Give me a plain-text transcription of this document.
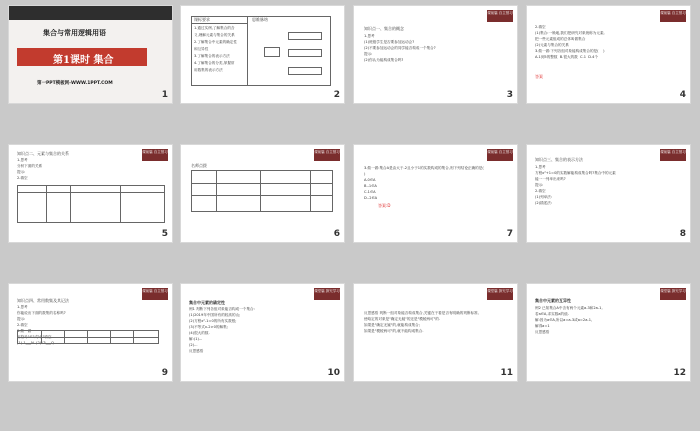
集合与常用逻辑用语
第1课时 集合
第一PPT模板网-WWW.1PPT.COM
1
课标要求	思维脉络
1.通过实例,了解集合的含
义,理解元素与集合的关系
2.了解集合中元素的确定性
和互异性
3.了解集合的表示方法
4.了解集合的分类,掌握常
用数集的表示方法
2
课前篇 自主预习
知识点一、集合的概念
1.思考
(1)班级学生是否要参加运动会?
(2)不要参加运动会的同学能否构成一个集合?
提示:
(2)你认为能构成集合吗?
3
课前篇 自主预习
2.填空
(1)集合:一般地,我们把研究对象统称为元素,
把一些元素组成的总体叫做集合
(2)元素与集合的关系
3.做一做:下列各组对象能构成集合的是(    )
A.1到5的整数  B.很大的数  C.1  D.4个
答案
4
课前篇 自主预习
知识点二、元素与集合的关系
1.思考
分析下面的关系
提示:
2.填空
5
课前篇 自主预习
名师点拨
6
课前篇 自主预习
3.做一做:集合A是由大于-2且小于1的实数构成的集合,则下列结论正确的是(    )
A.0∈A
B.-1∈A
C.1∈A
D.-2∈A
答案:D
7
课前篇 自主预习
知识点三、集合的表示方法
1.思考
方程x²+1=0的实数解能构成集合吗?集合中的元素
能一一列举出来吗?
提示:
2.填空
(1)列举法:
(2)描述法:
8
课前篇 自主预习
知识点四、常用数集及其记法
1.思考
你能说出下面的数集的名称吗?
提示:
2.填空
3.做一做
用符号"∈"或"∉"填空
(1)-1___N  (2)√3___Q
9
课堂篇 探究学习
集合中元素的确定性
例1 判断下列各组对象能否构成一个集合:
(1)2019年中国所有的较高的山;
(2)方程x²-1=0的所有实数根;
(3)不等式x-2>0的解集;
(4)很大的数.
解:(1)...
(2)...
反思感悟
10
课堂篇 探究学习
反思感悟 判断一组对象能否构成集合,关键在于看是否有明确的判断标准,
使给定的对象是"确定无疑"的还是"模棱两可"的.
如果是"确定无疑"的,就能构成集合;
如果是"模棱两可"的,就不能构成集合.
11
课堂篇 探究学习
集合中元素的互异性
例2 已知集合A中含有两个元素a-3和2a-1,
若a∈A,求实数a的值.
解:因为a∈A,所以a=a-3或a=2a-1,
解得a=1
反思感悟
12
